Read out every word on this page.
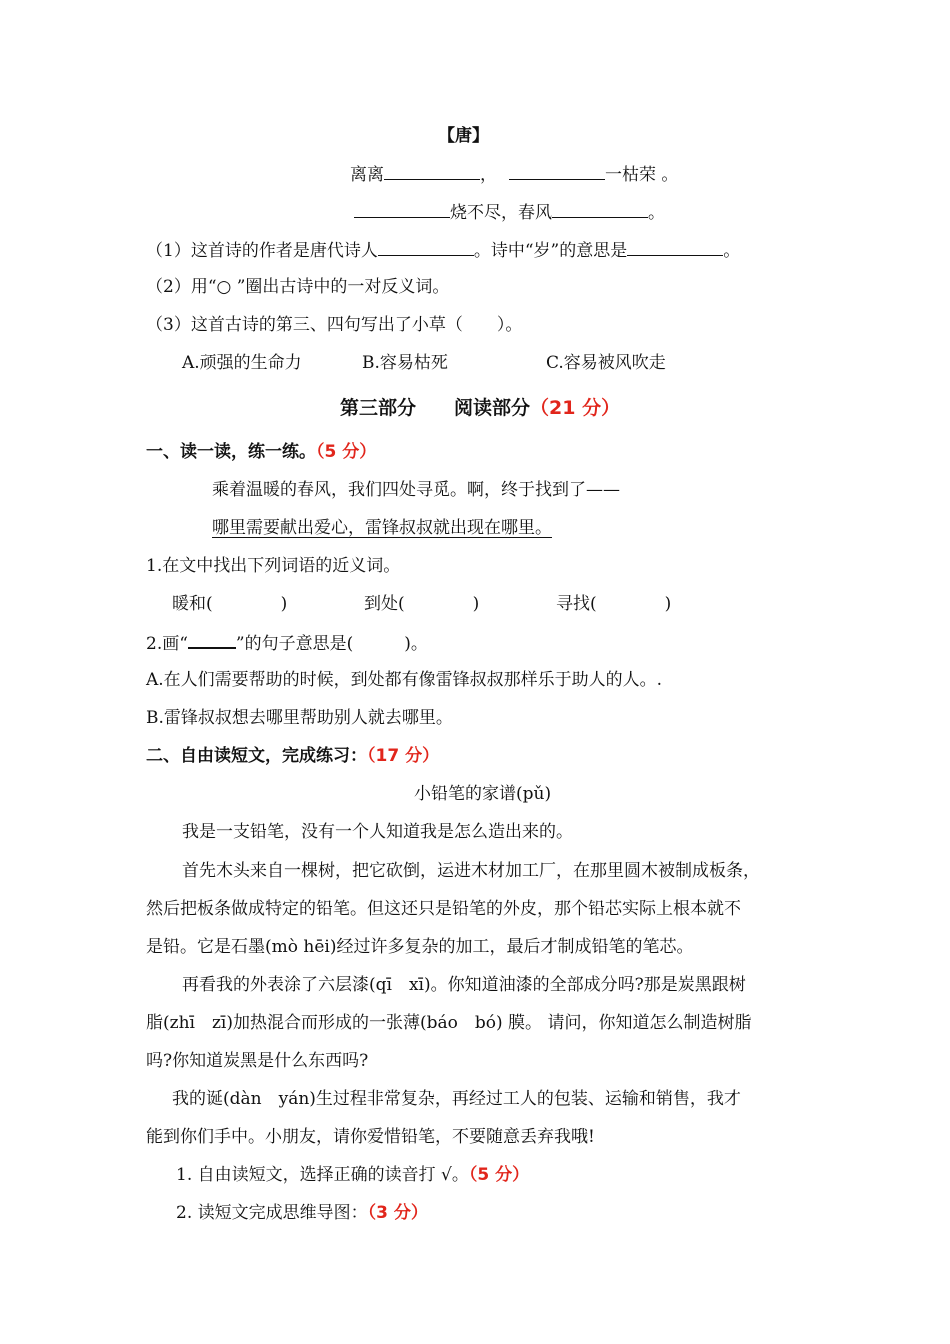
【唐】
离离	，	一枯荣 。
烧不尽，春风	。
（1）这首诗的作者是唐代诗人	。诗中“岁”的意思是	。
（2）用“○ ”圈出古诗中的一对反义词。
（3）这首古诗的第三、四句写出了小草（　　）。
A.顽强的生命力	B.容易枯死	C.容易被风吹走
第三部分　　阅读部分（21 分）
一、读一读，练一练。（5 分）
乘着温暖的春风，我们四处寻觅。啊，终于找到了——
哪里需要献出爱心，雷锋叔叔就出现在哪里。
1.在文中找出下列词语的近义词。
暖和(　　　　)	到处(　　　　)	寻找(　　　　)
2.画“	”的句子意思是(　　　)。
A.在人们需要帮助的时候，到处都有像雷锋叔叔那样乐于助人的人。.
B.雷锋叔叔想去哪里帮助别人就去哪里。
二、自由读短文，完成练习：（17 分）
小铅笔的家谱(pǔ)
我是一支铅笔，没有一个人知道我是怎么造出来的。
首先木头来自一棵树，把它砍倒，运进木材加工厂，在那里圆木被制成板条，
然后把板条做成特定的铅笔。但这还只是铅笔的外皮，那个铅芯实际上根本就不
是铅。它是石墨(mò hēi)经过许多复杂的加工，最后才制成铅笔的笔芯。
再看我的外表涂了六层漆(qī　xī)。你知道油漆的全部成分吗?那是炭黑跟树
脂(zhī　zī)加热混合而形成的一张薄(báo　bó) 膜。 请问，你知道怎么制造树脂
吗?你知道炭黑是什么东西吗?
我的诞(dàn　yán)生过程非常复杂，再经过工人的包装、运输和销售，我才
能到你们手中。小朋友，请你爱惜铅笔，不要随意丢弃我哦!
1. 自由读短文，选择正确的读音打 √。（5 分）
2. 读短文完成思维导图：（3 分）
